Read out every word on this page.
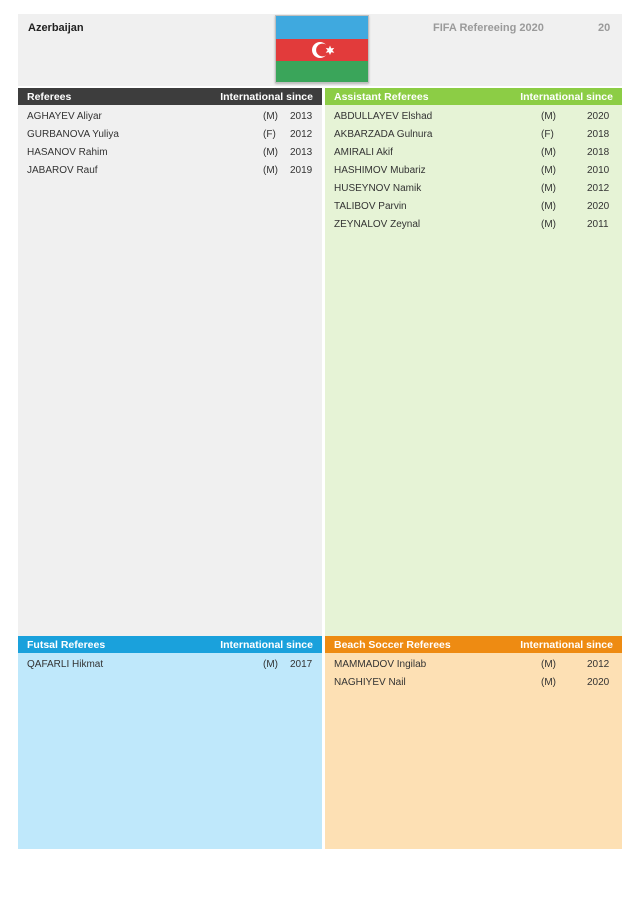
Azerbaijan	FIFA Refereeing 2020	20
Referees	International since
AGHAYEV Aliyar	(M) 2013
GURBANOVA Yuliya	(F) 2012
HASANOV Rahim	(M) 2013
JABAROV Rauf	(M) 2019
Assistant Referees	International since
ABDULLAYEV Elshad	(M)	2020
AKBARZADA Gulnura	(F)	2018
AMIRALI Akif	(M)	2018
HASHIMOV Mubariz	(M)	2010
HUSEYNOV Namik	(M)	2012
TALIBOV Parvin	(M)	2020
ZEYNALOV Zeynal	(M)	2011
Futsal Referees	International since
QAFARLI Hikmat	(M) 2017
Beach Soccer Referees	International since
MAMMADOV Ingilab	(M)	2012
NAGHIYEV Nail	(M)	2020
